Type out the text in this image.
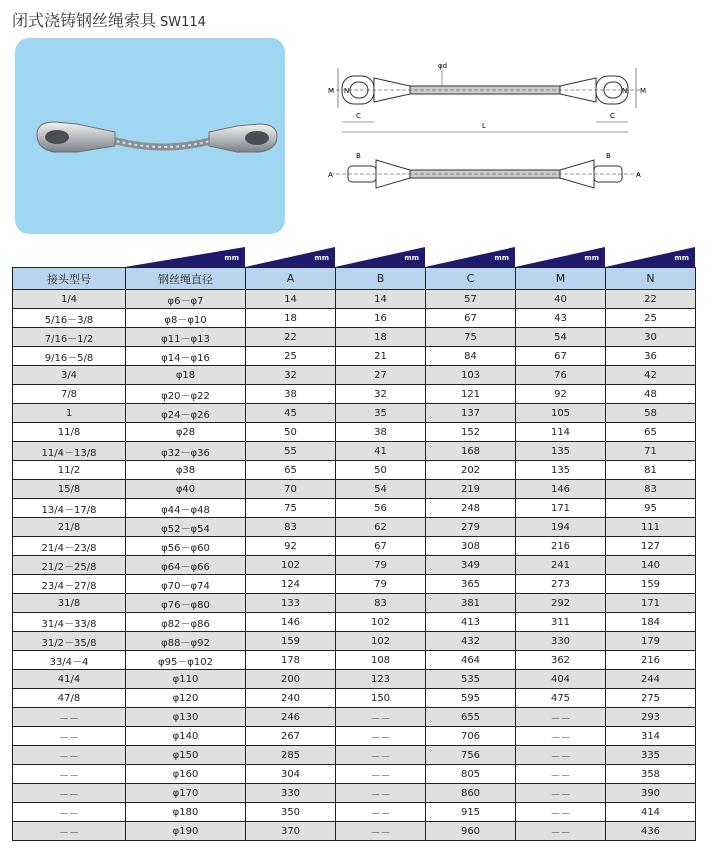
闭式浇铸钢丝绳索具 SW114
φd
M N	M
N
C	C
L
A	A
B	B
mm	mm	mm	mm	mm
mm
接头型号	钢丝绳直径	A	B	C	M	N
1/4	φ6－φ7	14	14	57	40	22
5/16－3/8	φ8－φ10	18	16	67	43	25
7/16－1/2	φ11－φ13	22	18	75	54	30
9/16－5/8	φ14－φ16	25	21	84	67	36
3/4	φ18	32	27	103	76	42
7/8	φ20－φ22	38	32	121	92	48
1	φ24－φ26	45	35	137	105	58
11/8	φ28	50	38	152	114	65
11/4－13/8	φ32－φ36	55	41	168	135	71
11/2	φ38	65	50	202	135	81
15/8	φ40	70	54	219	146	83
13/4－17/8	φ44－φ48	75	56	248	171	95
21/8	φ52－φ54	83	62	279	194	111
21/4－23/8	φ56－φ60	92	67	308	216	127
21/2－25/8	φ64－φ66	102	79	349	241	140
23/4－27/8	φ70－φ74	124	79	365	273	159
31/8	φ76－φ80	133	83	381	292	171
31/4－33/8	φ82－φ86	146	102	413	311	184
31/2－35/8	φ88－φ92	159	102	432	330	179
33/4－4	φ95－φ102	178	108	464	362	216
41/4	φ110	200	123	535	404	244
47/8	φ120	240	150	595	475	275
－－	φ130	246	－－	655	－－	293
－－	φ140	267	－－	706	－－	314
－－	φ150	285	－－	756	－－	335
－－	φ160	304	－－	805	－－	358
－－	φ170	330	－－	860	－－	390
－－	φ180	350	－－	915	－－	414
－－	φ190	370	－－	960	－－	436
